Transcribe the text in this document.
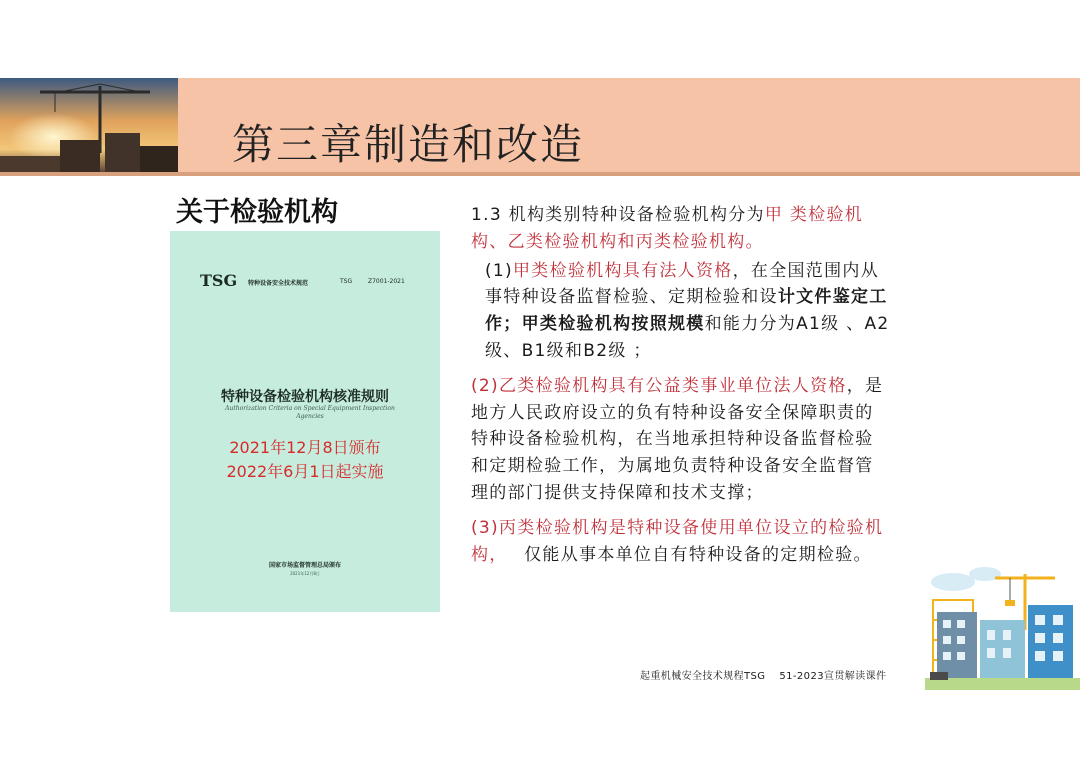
第三章制造和改造
关于检验机构
TSG 特种设备安全技术规范	TSG	Z7001-2021
特种设备检验机构核准规则
Authorization Criteria on Special Equipment Inspection Agencies
2021年12月8日颁布
2022年6月1日起实施
国家市场监督管理总局颁布
2021年12月8日

1.3 机构类别特种设备检验机构分为甲 类检验机构、乙类检验机构和丙类检验机构。

(1)甲类检验机构具有法人资格，在全国范围内从事特种设备监督检验、定期检验和设计文件鉴定工作；甲类检验机构按照规模和能力分为A1级 、A2级、B1级和B2级 ；

(2)乙类检验机构具有公益类事业单位法人资格，是地方人民政府设立的负有特种设备安全保障职责的特种设备检验机构，在当地承担特种设备监督检验和定期检验工作，为属地负责特种设备安全监督管理的部门提供支持保障和技术支撑；

(3)丙类检验机构是特种设备使用单位设立的检验机构，　 仅能从事本单位自有特种设备的定期检验。

起重机械安全技术规程TSG　 51-2023宣贯解读课件
